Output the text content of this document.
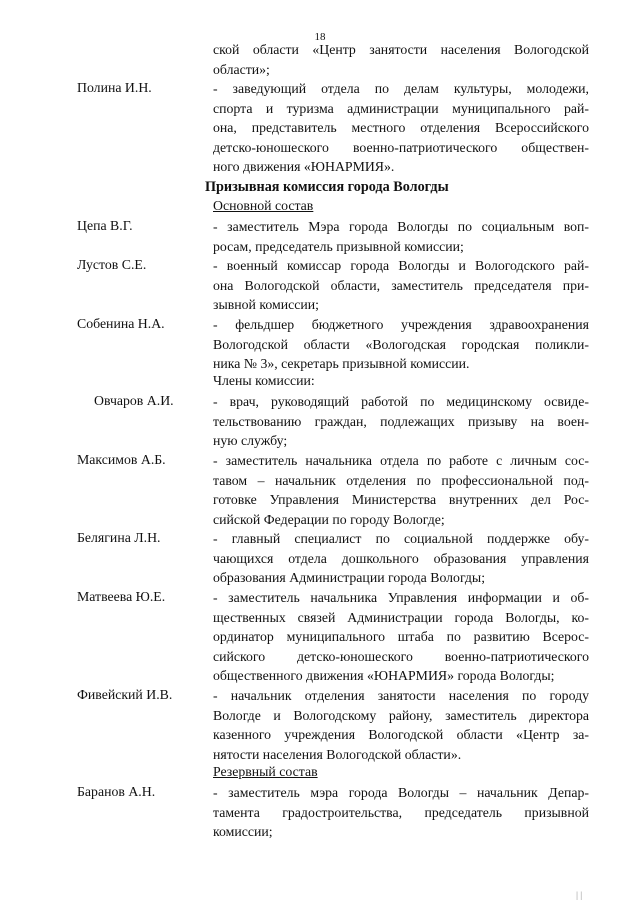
18
ской области «Центр занятости населения Вологодской
области»;
Полина И.Н.	- заведующий отдела по делам культуры, молодежи,
спорта и туризма администрации муниципального рай-
она, представитель местного отделения Всероссийского
детско-юношеского военно-патриотического обществен-
ного движения «ЮНАРМИЯ».
Призывная комиссия города Вологды
Основной состав
Цепа В.Г.	- заместитель Мэра города Вологды по социальным воп-
росам, председатель призывной комиссии;
Лустов С.Е.	- военный комиссар города Вологды и Вологодского рай-
она Вологодской области, заместитель председателя при-
зывной комиссии;
Собенина Н.А.	- фельдшер бюджетного учреждения здравоохранения
Вологодской области «Вологодская городская поликли-
ника № 3», секретарь призывной комиссии.
Члены комиссии:
Овчаров А.И.	- врач, руководящий работой по медицинскому освиде-
тельствованию граждан, подлежащих призыву на воен-
ную службу;
Максимов А.Б.	- заместитель начальника отдела по работе с личным сос-
тавом – начальник отделения по профессиональной под-
готовке Управления Министерства внутренних дел Рос-
сийской Федерации по городу Вологде;
Белягина Л.Н.	- главный специалист по социальной поддержке обу-
чающихся отдела дошкольного образования управления
образования Администрации города Вологды;
Матвеева Ю.Е.	- заместитель начальника Управления информации и об-
щественных связей Администрации города Вологды, ко-
ординатор муниципального штаба по развитию Всерос-
сийского детско-юношеского военно-патриотического
общественного движения «ЮНАРМИЯ» города Вологды;
Фивейский И.В.	- начальник отделения занятости населения по городу
Вологде и Вологодскому району, заместитель директора
казенного учреждения Вологодской области «Центр за-
нятости населения Вологодской области».
Резервный состав
Баранов А.Н.	- заместитель мэра города Вологды – начальник Депар-
тамента градостроительства, председатель призывной
комиссии;
| |
